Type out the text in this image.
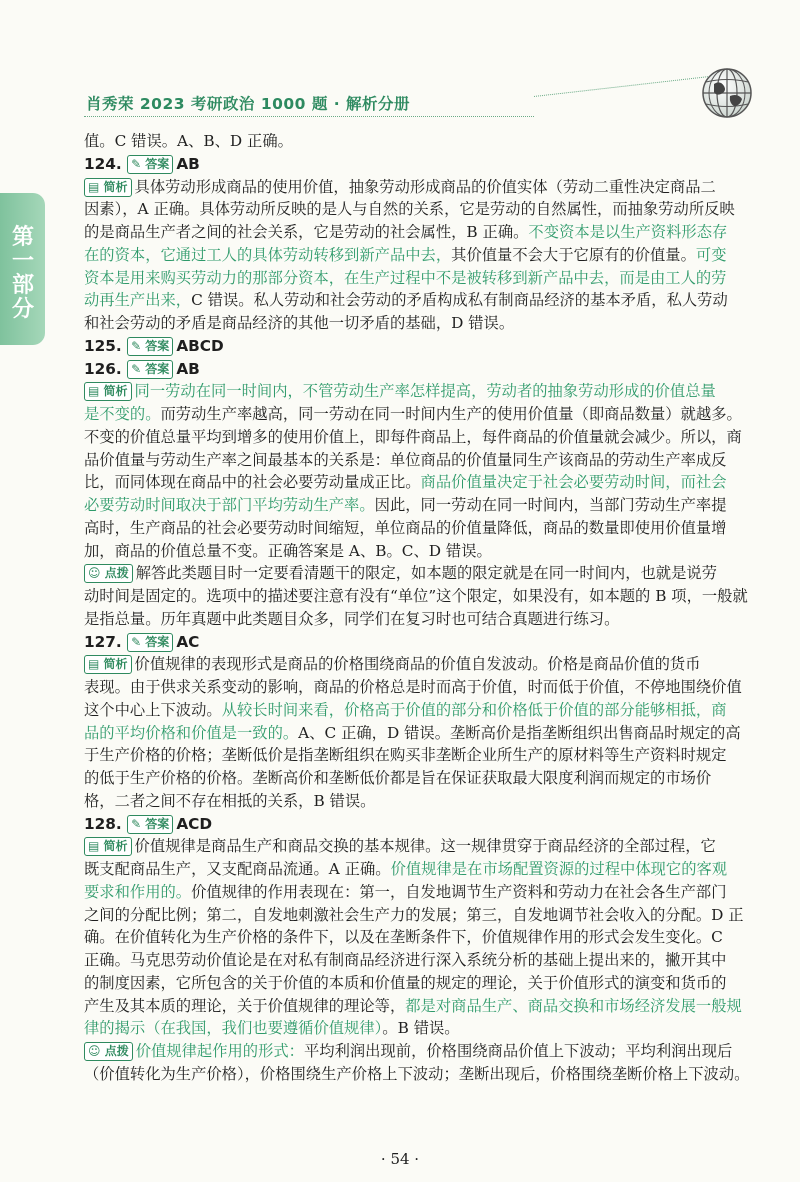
肖秀荣 2023 考研政治 1000 题 · 解析分册
第
一
部
分
值。C 错误。A、B、D 正确。
124. ✎ 答案 AB
▤ 简析 具体劳动形成商品的使用价值，抽象劳动形成商品的价值实体（劳动二重性决定商品二
因素），A 正确。具体劳动所反映的是人与自然的关系，它是劳动的自然属性，而抽象劳动所反映
的是商品生产者之间的社会关系，它是劳动的社会属性，B 正确。不变资本是以生产资料形态存
在的资本，它通过工人的具体劳动转移到新产品中去，其价值量不会大于它原有的价值量。可变
资本是用来购买劳动力的那部分资本，在生产过程中不是被转移到新产品中去，而是由工人的劳
动再生产出来，C 错误。私人劳动和社会劳动的矛盾构成私有制商品经济的基本矛盾，私人劳动
和社会劳动的矛盾是商品经济的其他一切矛盾的基础，D 错误。
125. ✎ 答案 ABCD
126. ✎ 答案 AB
▤ 简析 同一劳动在同一时间内，不管劳动生产率怎样提高，劳动者的抽象劳动形成的价值总量
是不变的。而劳动生产率越高，同一劳动在同一时间内生产的使用价值量（即商品数量）就越多。
不变的价值总量平均到增多的使用价值上，即每件商品上，每件商品的价值量就会减少。所以，商
品价值量与劳动生产率之间最基本的关系是：单位商品的价值量同生产该商品的劳动生产率成反
比，而同体现在商品中的社会必要劳动量成正比。商品价值量决定于社会必要劳动时间，而社会
必要劳动时间取决于部门平均劳动生产率。因此，同一劳动在同一时间内，当部门劳动生产率提
高时，生产商品的社会必要劳动时间缩短，单位商品的价值量降低，商品的数量即使用价值量增
加，商品的价值总量不变。正确答案是 A、B。C、D 错误。
☺ 点拨 解答此类题目时一定要看清题干的限定，如本题的限定就是在同一时间内，也就是说劳
动时间是固定的。选项中的描述要注意有没有“单位”这个限定，如果没有，如本题的 B 项，一般就
是指总量。历年真题中此类题目众多，同学们在复习时也可结合真题进行练习。
127. ✎ 答案 AC
▤ 简析 价值规律的表现形式是商品的价格围绕商品的价值自发波动。价格是商品价值的货币
表现。由于供求关系变动的影响，商品的价格总是时而高于价值，时而低于价值，不停地围绕价值
这个中心上下波动。从较长时间来看，价格高于价值的部分和价格低于价值的部分能够相抵，商
品的平均价格和价值是一致的。A、C 正确，D 错误。垄断高价是指垄断组织出售商品时规定的高
于生产价格的价格；垄断低价是指垄断组织在购买非垄断企业所生产的原材料等生产资料时规定
的低于生产价格的价格。垄断高价和垄断低价都是旨在保证获取最大限度利润而规定的市场价
格，二者之间不存在相抵的关系，B 错误。
128. ✎ 答案 ACD
▤ 简析 价值规律是商品生产和商品交换的基本规律。这一规律贯穿于商品经济的全部过程，它
既支配商品生产，又支配商品流通。A 正确。价值规律是在市场配置资源的过程中体现它的客观
要求和作用的。价值规律的作用表现在：第一，自发地调节生产资料和劳动力在社会各生产部门
之间的分配比例；第二，自发地刺激社会生产力的发展；第三，自发地调节社会收入的分配。D 正
确。在价值转化为生产价格的条件下，以及在垄断条件下，价值规律作用的形式会发生变化。C
正确。马克思劳动价值论是在对私有制商品经济进行深入系统分析的基础上提出来的，撇开其中
的制度因素，它所包含的关于价值的本质和价值量的规定的理论，关于价值形式的演变和货币的
产生及其本质的理论，关于价值规律的理论等，都是对商品生产、商品交换和市场经济发展一般规
律的揭示（在我国，我们也要遵循价值规律）。B 错误。
☺ 点拨 价值规律起作用的形式：平均利润出现前，价格围绕商品价值上下波动；平均利润出现后
（价值转化为生产价格），价格围绕生产价格上下波动；垄断出现后，价格围绕垄断价格上下波动。
· 54 ·
